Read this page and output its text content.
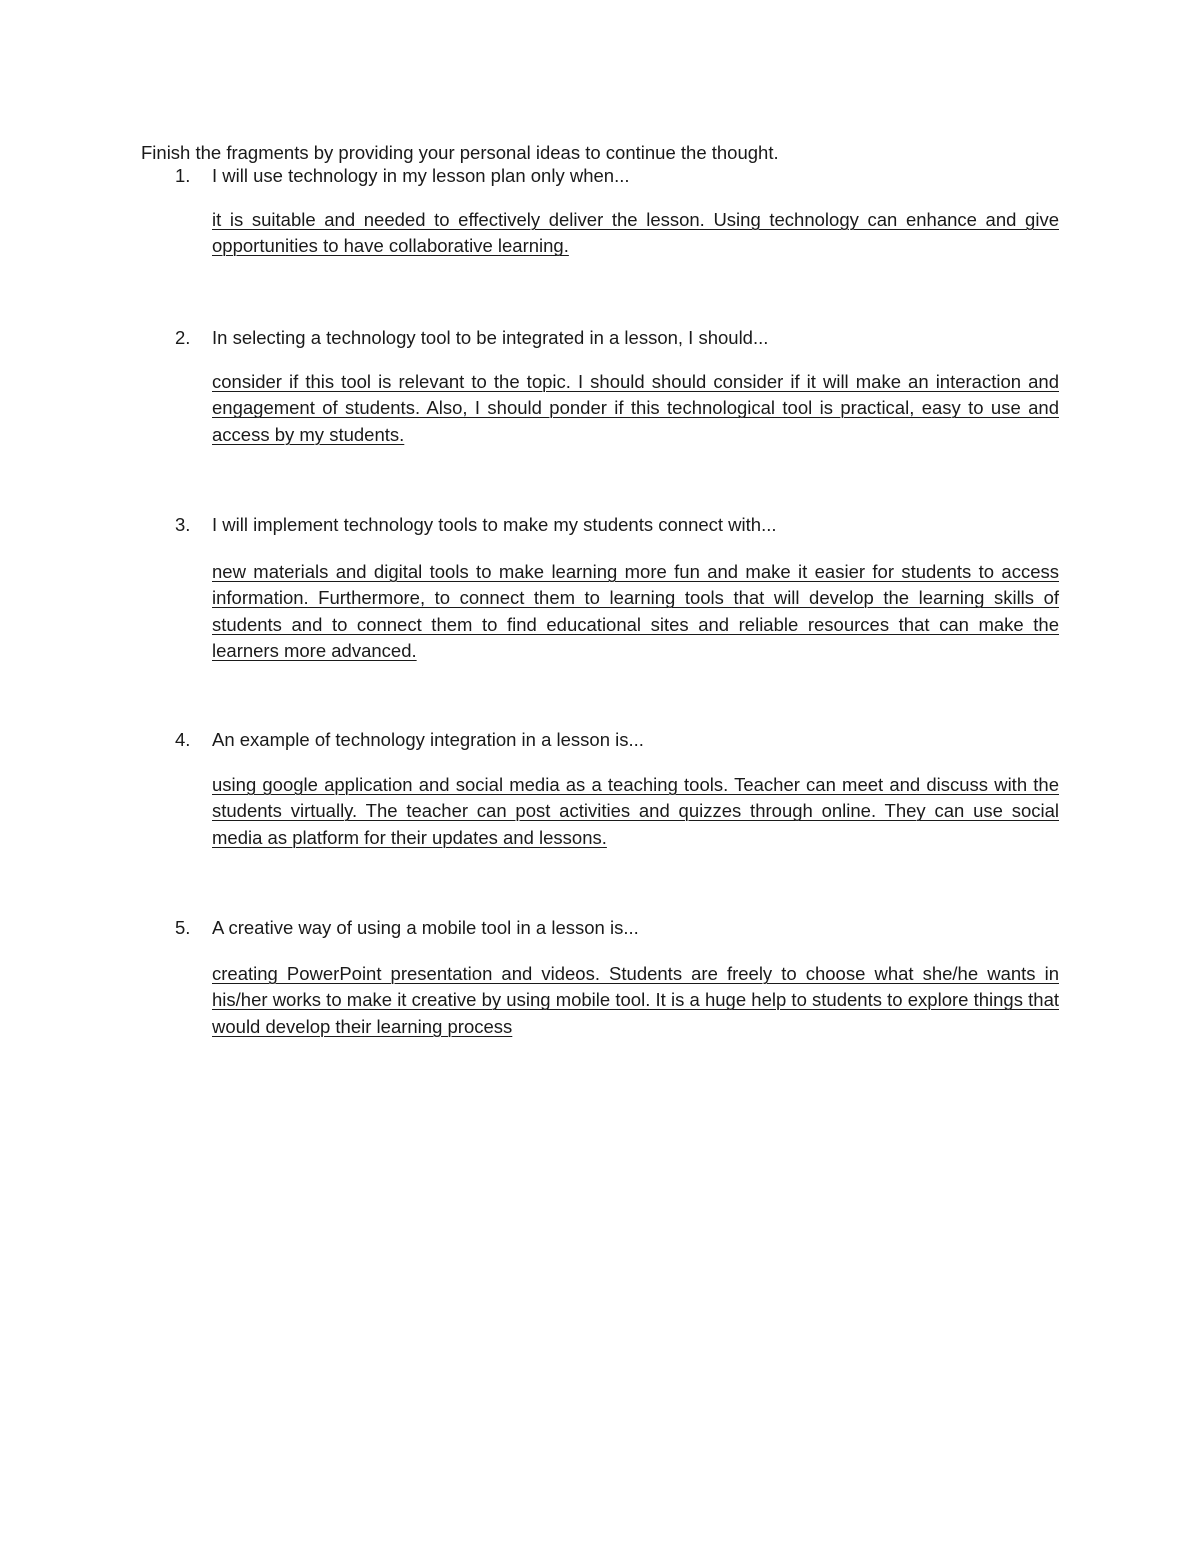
Finish the fragments by providing your personal ideas to continue the thought.
1. I will use technology in my lesson plan only when...
it is suitable and needed to effectively deliver the lesson. Using technology can enhance and give opportunities to have collaborative learning.
2. In selecting a technology tool to be integrated in a lesson, I should...
consider if this tool is relevant to the topic. I should should consider if it will make an interaction and engagement of students. Also, I should ponder if this technological tool is practical, easy to use and access by my students.
3. I will implement technology tools to make my students connect with...
new materials and digital tools to make learning more fun and make it easier for students to access information. Furthermore, to connect them to learning tools that will develop the learning skills of students and to connect them to find educational sites and reliable resources that can make the learners more advanced.
4. An example of technology integration in a lesson is...
using google application and social media as a teaching tools. Teacher can meet and discuss with the students virtually. The teacher can post activities and quizzes through online. They can use social media as platform for their updates and lessons.
5. A creative way of using a mobile tool in a lesson is...
creating PowerPoint presentation and videos. Students are freely to choose what she/he wants in his/her works to make it creative by using mobile tool. It is a huge help to students to explore things that would develop their learning process
